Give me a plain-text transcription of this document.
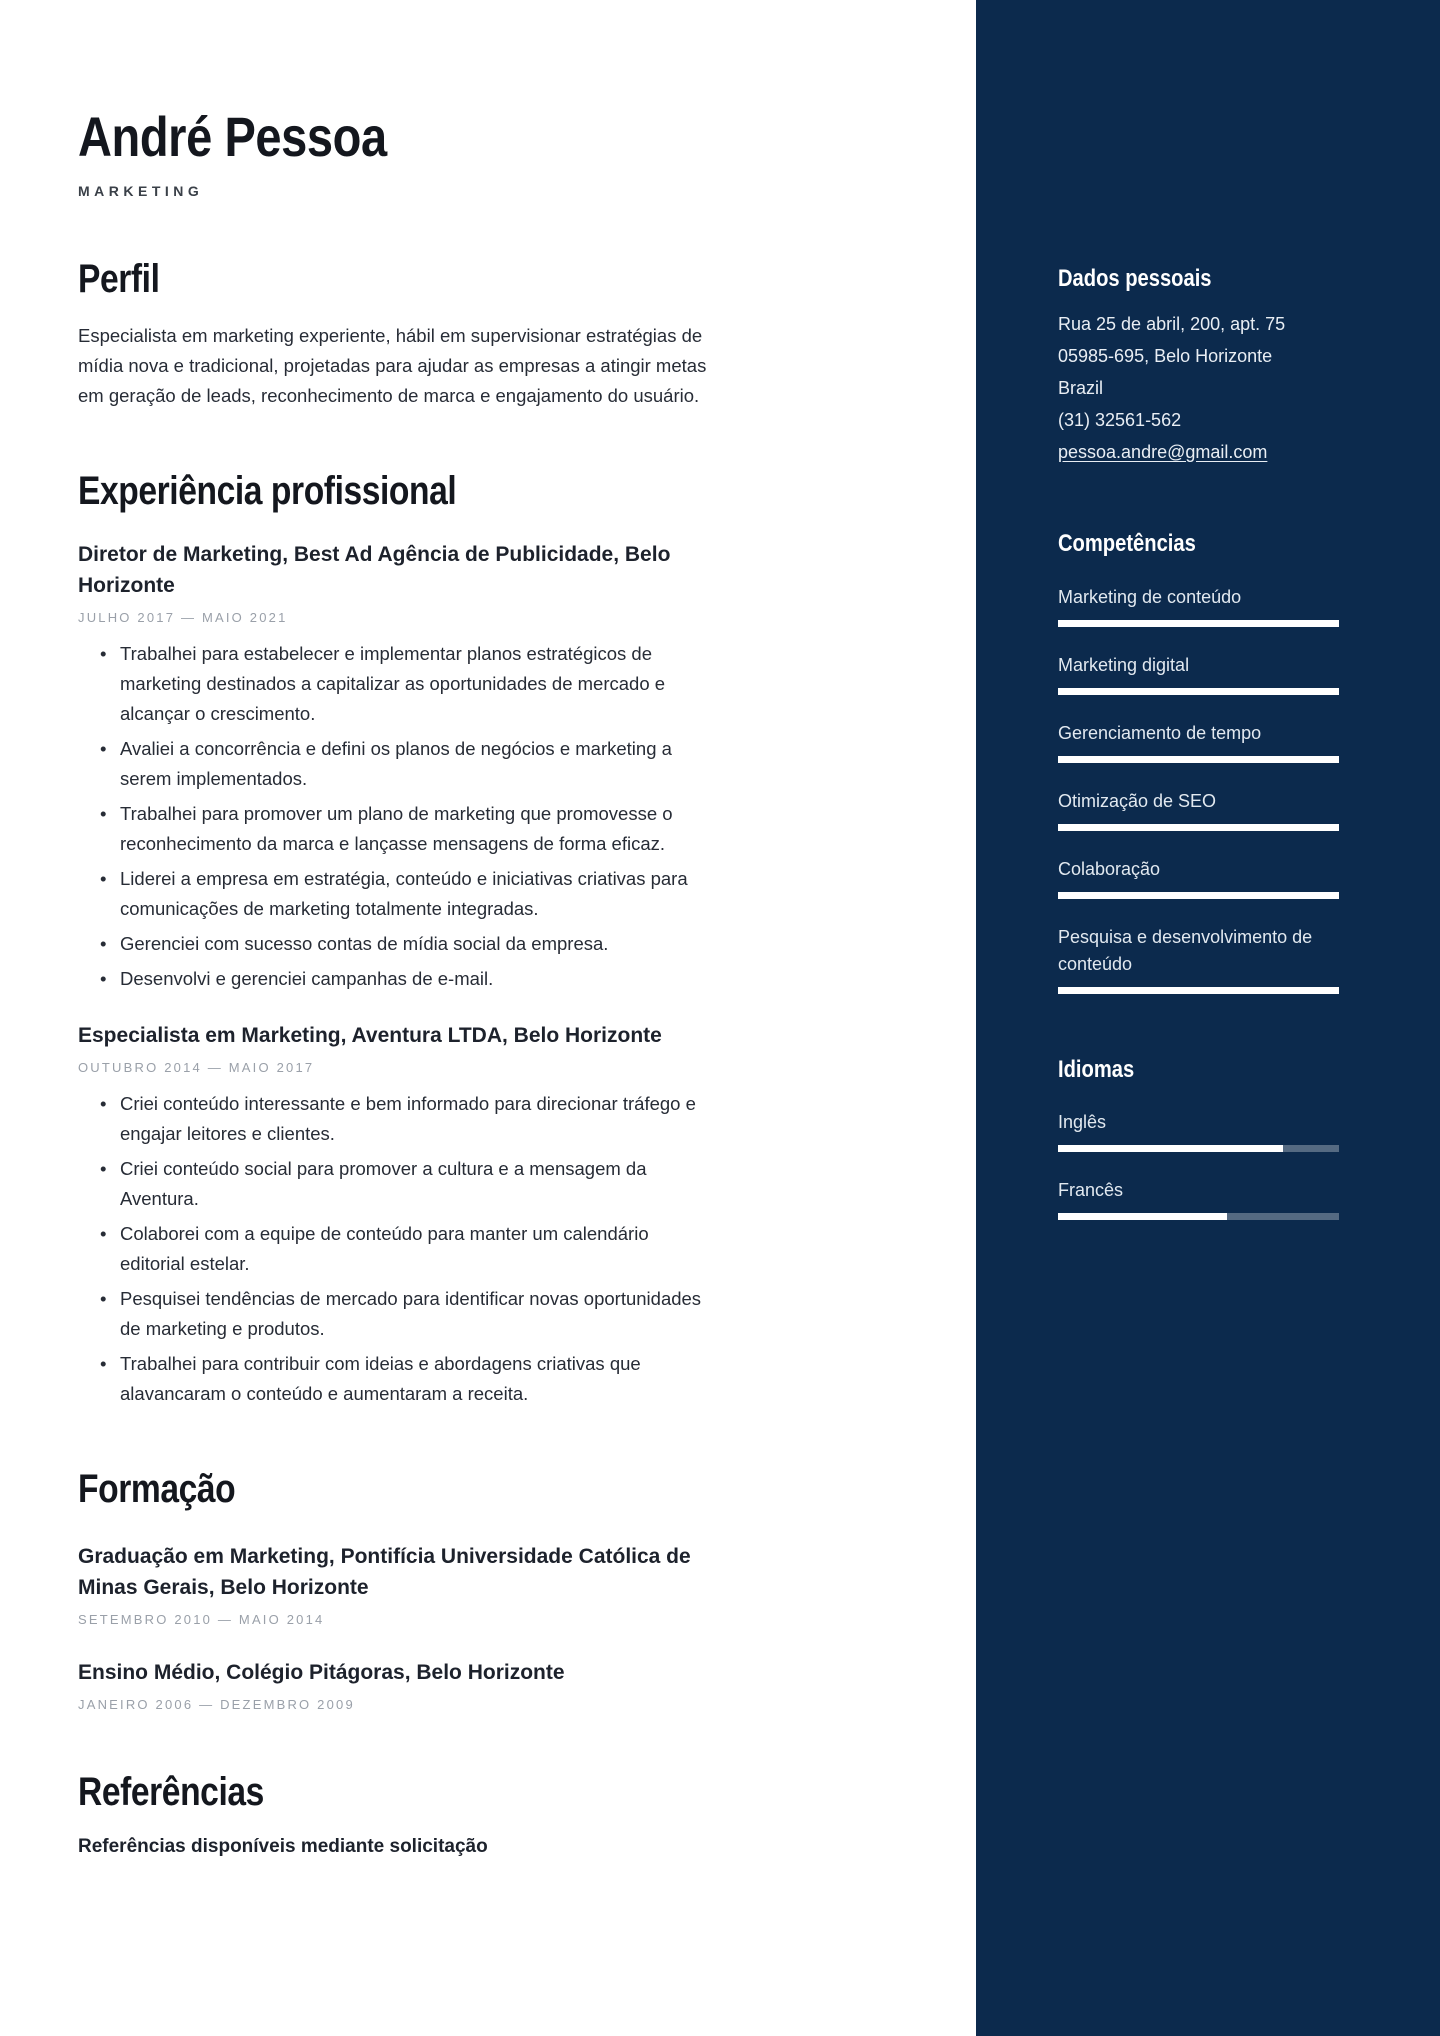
André Pessoa
MARKETING
Perfil

Especialista em marketing experiente, hábil em supervisionar estratégias de mídia nova e tradicional, projetadas para ajudar as empresas a atingir metas em geração de leads, reconhecimento de marca e engajamento do usuário.

Experiência profissional
Diretor de Marketing, Best Ad Agência de Publicidade, Belo Horizonte
JULHO 2017 — MAIO 2021
• Trabalhei para estabelecer e implementar planos estratégicos de marketing destinados a capitalizar as oportunidades de mercado e alcançar o crescimento.
• Avaliei a concorrência e defini os planos de negócios e marketing a serem implementados.
• Trabalhei para promover um plano de marketing que promovesse o reconhecimento da marca e lançasse mensagens de forma eficaz.
• Liderei a empresa em estratégia, conteúdo e iniciativas criativas para comunicações de marketing totalmente integradas.
• Gerenciei com sucesso contas de mídia social da empresa.
• Desenvolvi e gerenciei campanhas de e-mail.
Especialista em Marketing, Aventura LTDA, Belo Horizonte
OUTUBRO 2014 — MAIO 2017
• Criei conteúdo interessante e bem informado para direcionar tráfego e engajar leitores e clientes.
• Criei conteúdo social para promover a cultura e a mensagem da Aventura.
• Colaborei com a equipe de conteúdo para manter um calendário editorial estelar.
• Pesquisei tendências de mercado para identificar novas oportunidades de marketing e produtos.
• Trabalhei para contribuir com ideias e abordagens criativas que alavancaram o conteúdo e aumentaram a receita.
Formação
Graduação em Marketing, Pontifícia Universidade Católica de Minas Gerais, Belo Horizonte
SETEMBRO 2010 — MAIO 2014
Ensino Médio, Colégio Pitágoras, Belo Horizonte
JANEIRO 2006 — DEZEMBRO 2009
Referências
Referências disponíveis mediante solicitação
Dados pessoais
Rua 25 de abril, 200, apt. 75
05985-695, Belo Horizonte
Brazil
(31) 32561-562
pessoa.andre@gmail.com
Competências
Marketing de conteúdo
Marketing digital
Gerenciamento de tempo
Otimização de SEO
Colaboração
Pesquisa e desenvolvimento de conteúdo
Idiomas
Inglês
Francês
